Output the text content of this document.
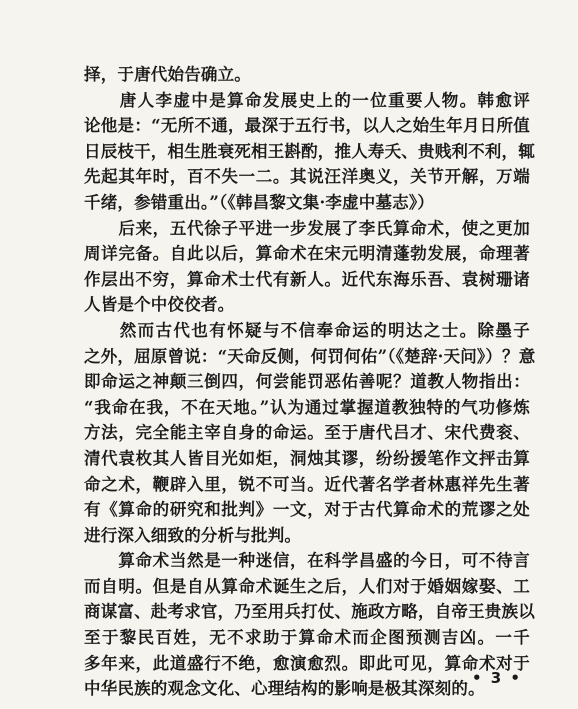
择，于唐代始告确立。
　　唐人李虚中是算命发展史上的一位重要人物。韩愈评
论他是：“无所不通，最深于五行书，以人之始生年月日所值
日辰枝干，相生胜衰死相王斟酌，推人寿夭、贵贱利不利，辄
先起其年时，百不失一二。其说汪洋奥义，关节开解，万端
千绪，参错重出。”（《韩昌黎文集·李虚中墓志》）
　　后来，五代徐子平进一步发展了李氏算命术，使之更加
周详完备。自此以后，算命术在宋元明清蓬勃发展，命理著
作层出不穷，算命术士代有新人。近代东海乐吾、袁树珊诸
人皆是个中佼佼者。
　　然而古代也有怀疑与不信奉命运的明达之士。除墨子
之外，屈原曾说：“天命反侧，何罚何佑”（《楚辞·天问》）？意
即命运之神颠三倒四，何尝能罚恶佑善呢？道教人物指出：
“我命在我，不在天地。”认为通过掌握道教独特的气功修炼
方法，完全能主宰自身的命运。至于唐代吕才、宋代费衮、
清代袁枚其人皆目光如炬，洞烛其谬，纷纷援笔作文抨击算
命之术，鞭辟入里，锐不可当。近代著名学者林惠祥先生著
有《算命的研究和批判》一文，对于古代算命术的荒谬之处
进行深入细致的分析与批判。
　　算命术当然是一种迷信，在科学昌盛的今日，可不待言
而自明。但是自从算命术诞生之后，人们对于婚姻嫁娶、工
商谋富、赴考求官，乃至用兵打仗、施政方略，自帝王贵族以
至于黎民百姓，无不求助于算命术而企图预测吉凶。一千
多年来，此道盛行不绝，愈演愈烈。即此可见，算命术对于
中华民族的观念文化、心理结构的影响是极其深刻的。
• 3 •
